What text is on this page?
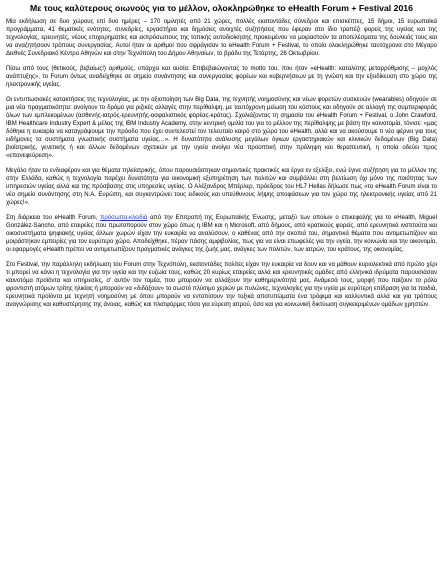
Με τους καλύτερους οιωνούς για το μέλλον, ολοκληρώθηκε το eHealth Forum + Festival 2016

Μία εκδήλωση σε δυο χώρους επί δυο ημέρες – 170 ομιλητές από 21 χώρες, πολλές εκατοντάδες σύνεδροι και επισκέπτες, 15 δήμοι, 15 ευρωπαϊκά προγράμματα, 41 θεματικές ενότητες, συνεδρίες, εργαστήρια και δημόσιες ανοιχτές συζητήσεις που έφεραν στο ίδιο τραπέζι φορείς της υγείας και της τεχνολογίας, ερευνητές, νέους επιχειρηματίες και εκπρόσωπους της τοπικής αυτοδιοίκησης προκειμένου να μοιραστούν τα αποτελέσματα της δουλειάς τους και να αναζητήσουν τρόπους συνεργασίας. Αυτοί ήταν οι αριθμοί που σφράγισαν το eHealth Forum + Festival, το οποίο ολοκληρώθηκε ταυτόχρονα στο Μέγαρο Διεθνές Συνεδριακό Κέντρο Αθηνών και στην Τεχνόπολη του Δήμου Αθηναίων, το βράδυ της Τετάρτης, 26 Οκτωβρίου.

Πίσω από τους (θετικούς, βεβαίως!) αριθμούς, υπάρχει και ουσία: Επιβεβαιώνοντας το motto του, που ήταν «eHealth: καταλύτης μεταρρύθμισης – μοχλός ανάπτυξης», το Forum όντως αναδείχθηκε σε σημείο συνάντησης και συνεργασίας φορέων και κυβερνήσεων με τη γνώση και την εξειδίκευση στο χώρο της ηλεκτρονικής υγείας.

Οι εντυπωσιακές κατακτήσεις της τεχνολογίας, με την αξιοποίηση των Big Data, της τεχνητής νοημοσύνης και νέων φορετών συσκευών (wearables) οδηγούν σε μια νέα πραγματικότητα: ανοίγουν το δρόμο για ριζικές αλλαγές στην περίθαλψη, με ταυτόχρονη μείωση του κόστους και οδηγούν σε αλλαγή της συμπεριφοράς όλων των εμπλεκομένων (ασθενής-ιατρός-ερευνητής-ασφαλιστικός φορέας-κράτος). Σχολιάζοντας τη σημασία του eHealth Forum + Festival, ο John Crawford, IBM Healthcare Industry Expert & μέλος της IBM Industry Academy, στην κεντρική ομιλία του για το μέλλον της περίθαλψης με βάση την καινοτομία, τόνισε: «μας δόθηκε η ευκαιρία να καταγράψουμε την πρόοδο που έχει συντελεστεί τον τελευταίο καιρό στο χώρο του eHealth, αλλά και να ακούσουμε τι νέο φέρνει για τους ειδήμονες τα συστήματα γνωστικής συστήματα υγείας…». Η δυνατότητα ανάλυσης μεγάλων όγκων εργαστηριακών και κλινικών δεδομένων (Big Data) βιοϊατρικής, γενετικής ή και άλλων δεδομένων σχετικών με την υγεία ανοίγει νέα προοπτική στην πρόληψη και θεραπευτική, η οποία οδεύει προς «επανεφεύρεση».

Μεγάλο ήταν το ενδιαφέρον και για θέματα τηλεϊατρικής, όπου παρουσιάστηκαν σημαντικές πρακτικές και έργα εν εξελίξει, ενώ έγινε συζήτηση για το μέλλον της στην Ελλάδα, καθώς η τεχνολογία παρέχει δυνατότητα για οικονομική εξυπηρέτηση των πολιτών και συμβάλλει στη βελτίωση όχι μόνο της ποιότητας των υπηρεσιών υγείας αλλά και της πρόσβασης στις υπηρεσίες υγείας. Ο Αλέξανδρος Μπέρλερ, πρόεδρος του HL7 Hellas δήλωσε πως «το eHealth Forum είναι το νέο σημείο συνάντησης στη Ν.Α. Ευρώπη, και συγκεντρώνει τους ειδικούς και υπεύθυνους λήψης αποφάσεων για τον χώρο της ηλεκτρονικής υγείας από 21 χώρες!».

Στη διάρκεια του eHealth Forum, πρόσωπα-κλειδιά από την Επιτροπή της Ευρωπαϊκής Ένωσης, μεταξύ των οποίων ο επικεφαλής για το eHealth, Miguel González-Sancho, από εταιρείες που πρωτοπορούν στον χώρο όπως η IBM και η Microsoft, από δήμους, από κρατικούς φορείς, από ερευνητικά ινστιτούτα και οικοσυστήματα ψηφιακής υγείας άλλων χωρών είχαν την ευκαιρία να αναλύσουν, ο καθένας από την σκοπιά του, σημαντικά θέματα που αντιμετωπίζουν και μοιράστηκαν εμπειρίες για τον ευρύτερο χώρο. Αποδείχθηκε, πέραν πάσης αμφιβολίας, πως για να είναι επωφελές για την υγεία, την κοινωνία και την οικονομία, οι εφαρμογές eHealth πρέπει να αντιμετωπίζουν πραγματικές ανάγκες της ζωής μας, ανάγκες των πολιτών, των ιατρών, του κράτους, της οικονομίας.

Στο Festival, την παράλληλη εκδήλωση του Forum στην Τεχνόπολη, εκατοντάδες πολίτες είχαν την ευκαιρία να δουν και να μάθουν κυριολεκτικά από πρώτο χέρι τι μπορεί να κάνει η τεχνολογία για την υγεία και την ευζωία τους, καθώς 20 κυρίως εταιρείες αλλά και ερευνητικές ομάδες από ελληνικά ιδρύματα παρουσιάσαν καινοτόμα προϊόντα και υπηρεσίες, σ' αυτόν τον τομέα, που μπορούν να αλλάξουν την καθημερινότητά μας. Ανάμεσά τους, μορφή που παίζουν το ρόλο φροντιστή ατόμων τρίτης ηλικίας ή μπορούν να «διδάξουν» το σωστό πλύσιμο χεριών με πυλώνες, τεχνολογίες για την υγεία με ευρύτερη επίδραση για τα παιδιά, ερευνητικά προϊόντα με τεχνητή νοημοσύνη με όπου μπορούν να εντοπίσουν την τοξικά αποτυπώματα ένα τρόφιμα και καλλυντικά αλλά και για τρόπους αναγνώρισης και καθυστέρησης της άνοιας, καθώς και πλατφόρμες τόσο για εύρεση ιατρού, όσο και για κοινωνική δικτύωση συγκεκριμένων ομάδων χρηστών.
